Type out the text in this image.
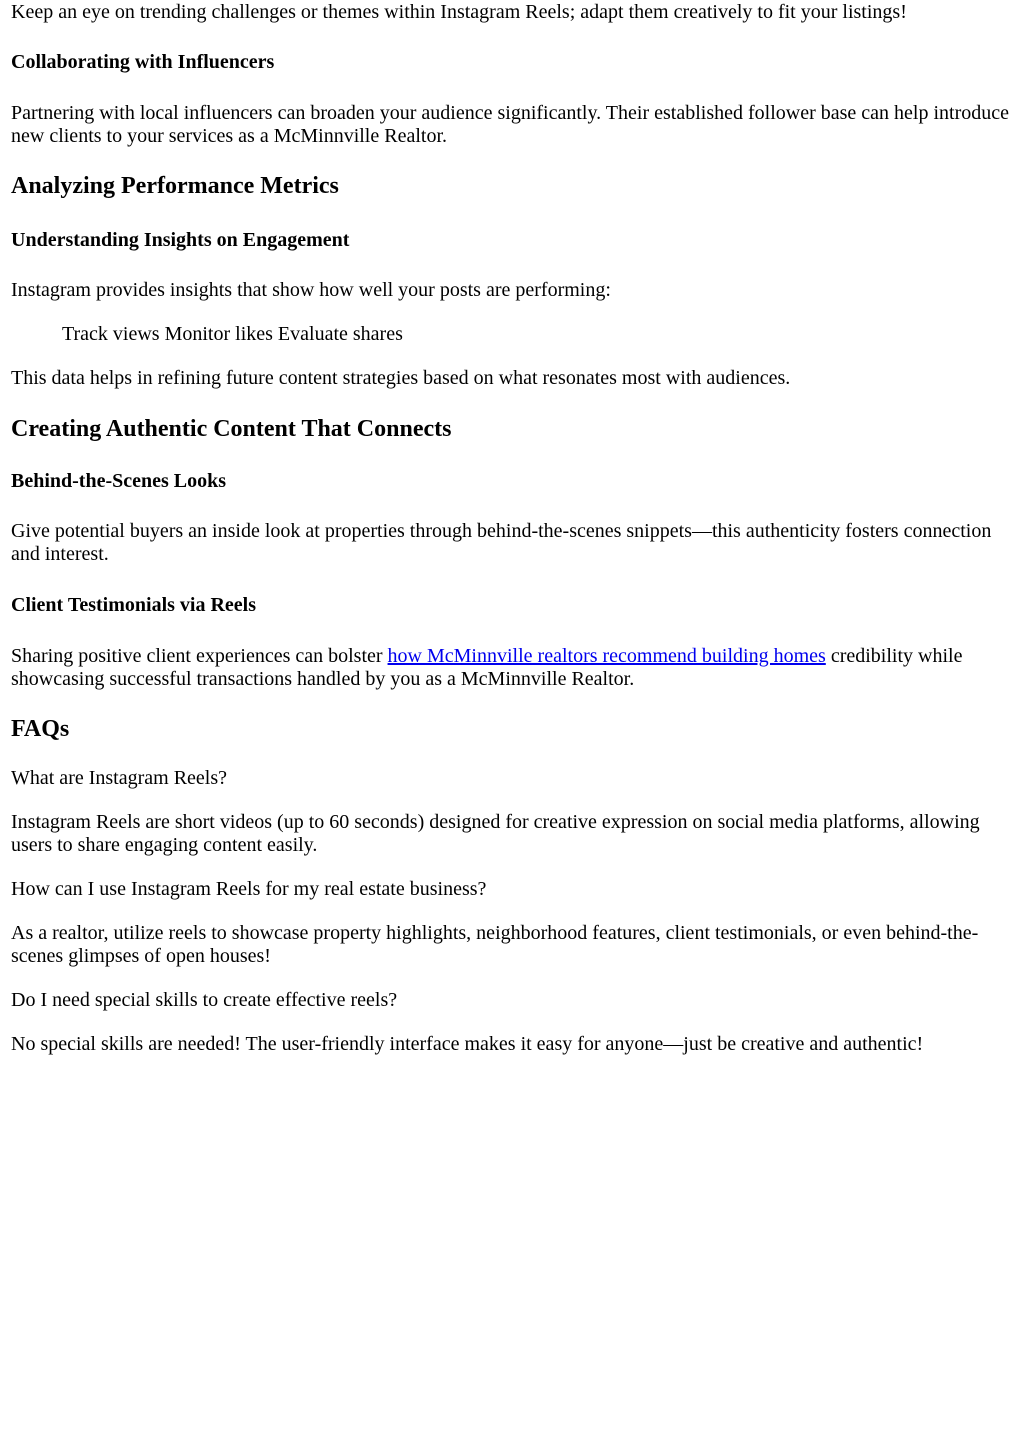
Keep an eye on trending challenges or themes within Instagram Reels; adapt them creatively to fit your listings!

Collaborating with Influencers

Partnering with local influencers can broaden your audience significantly. Their established follower base can help introduce new clients to your services as a McMinnville Realtor.

Analyzing Performance Metrics
Understanding Insights on Engagement

Instagram provides insights that show how well your posts are performing:

Track views Monitor likes Evaluate shares

This data helps in refining future content strategies based on what resonates most with audiences.

Creating Authentic Content That Connects
Behind-the-Scenes Looks

Give potential buyers an inside look at properties through behind-the-scenes snippets—this authenticity fosters connection and interest.

Client Testimonials via Reels

Sharing positive client experiences can bolster how McMinnville realtors recommend building homes credibility while showcasing successful transactions handled by you as a McMinnville Realtor.

FAQs

What are Instagram Reels?

Instagram Reels are short videos (up to 60 seconds) designed for creative expression on social media platforms, allowing users to share engaging content easily.

How can I use Instagram Reels for my real estate business?

As a realtor, utilize reels to showcase property highlights, neighborhood features, client testimonials, or even behind-the-scenes glimpses of open houses!

Do I need special skills to create effective reels?

No special skills are needed! The user-friendly interface makes it easy for anyone—just be creative and authentic!
